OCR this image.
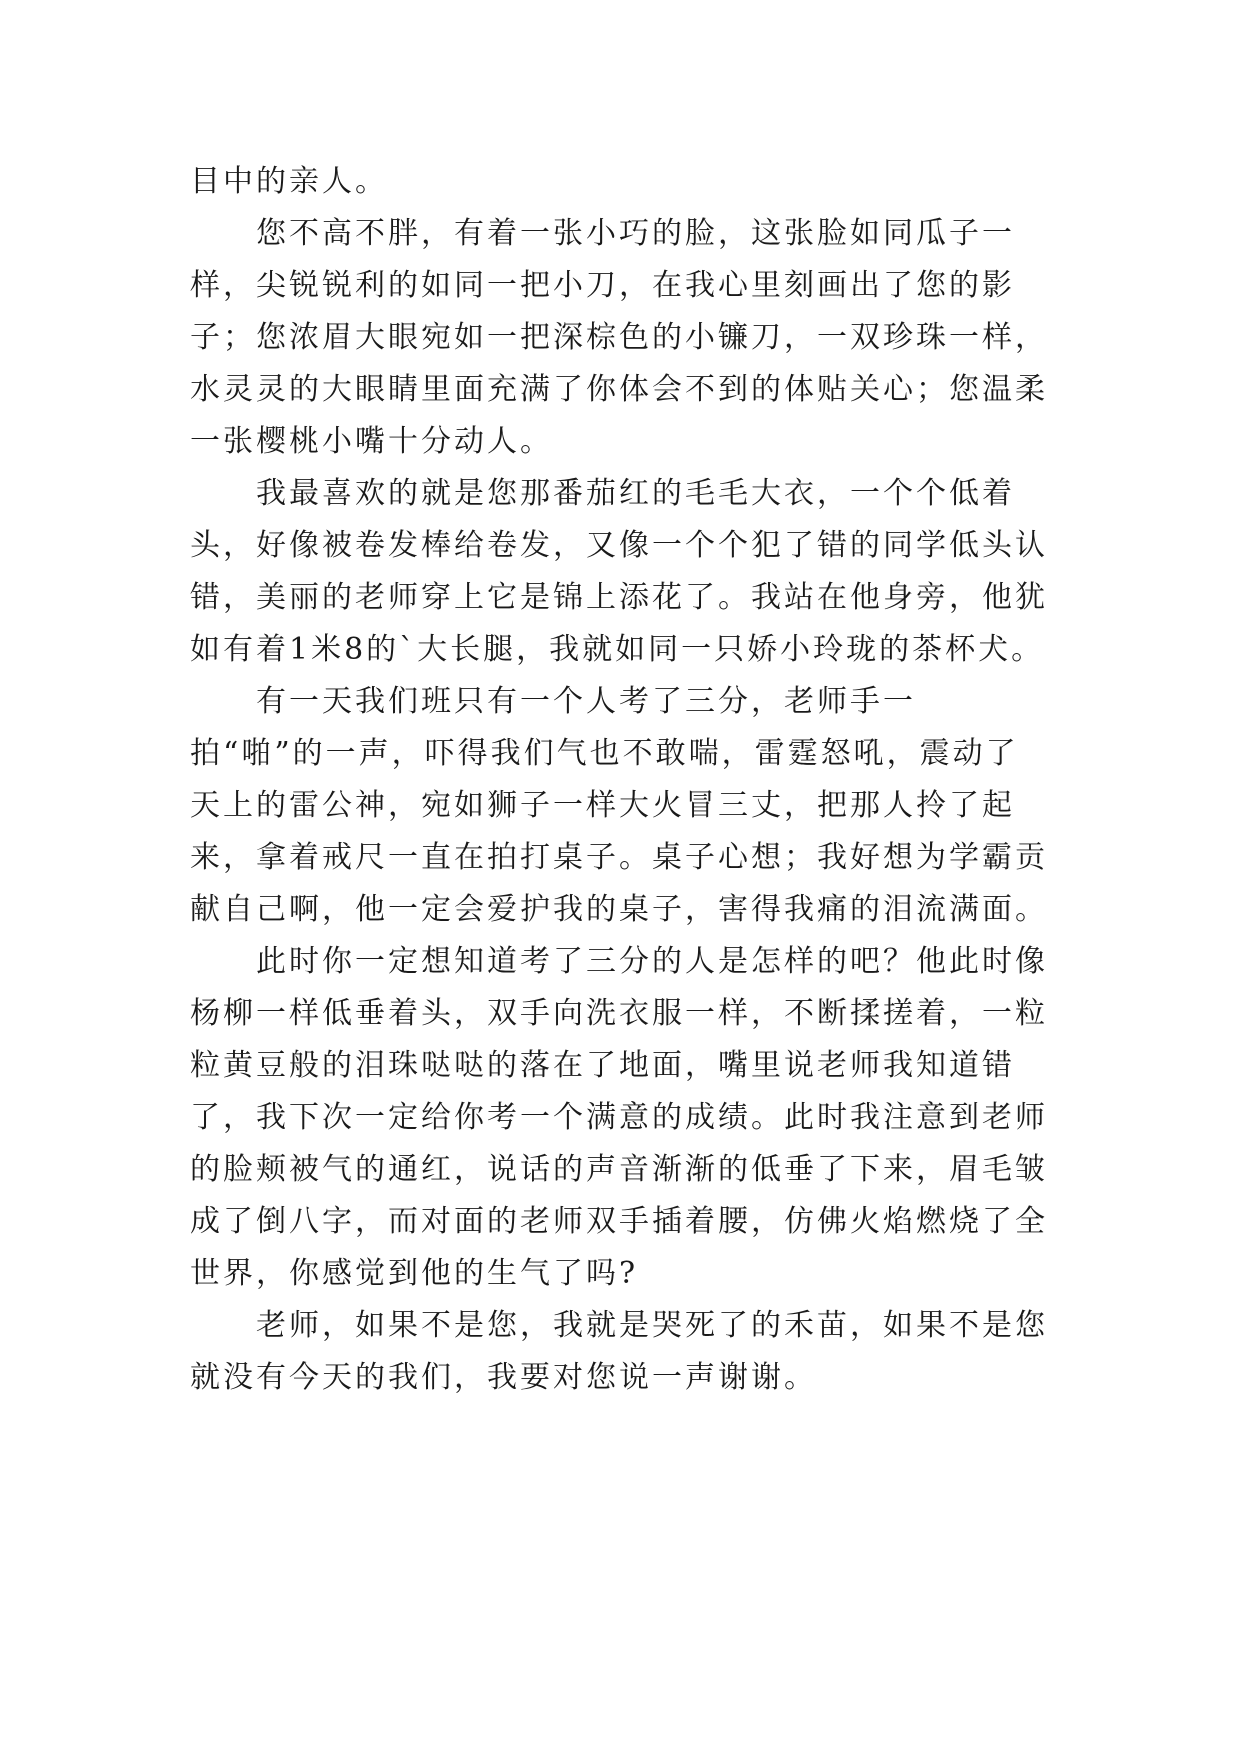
目中的亲人。

您不高不胖，有着一张小巧的脸，这张脸如同瓜子一样，尖锐锐利的如同一把小刀，在我心里刻画出了您的影子；您浓眉大眼宛如一把深棕色的小镰刀，一双珍珠一样，水灵灵的大眼睛里面充满了你体会不到的体贴关心；您温柔一张樱桃小嘴十分动人。

我最喜欢的就是您那番茄红的毛毛大衣，一个个低着头，好像被卷发棒给卷发，又像一个个犯了错的同学低头认错，美丽的老师穿上它是锦上添花了。我站在他身旁，他犹如有着1米8的`大长腿，我就如同一只娇小玲珑的茶杯犬。

有一天我们班只有一个人考了三分，老师手一拍“啪”的一声，吓得我们气也不敢喘，雷霆怒吼，震动了天上的雷公神，宛如狮子一样大火冒三丈，把那人拎了起来，拿着戒尺一直在拍打桌子。桌子心想；我好想为学霸贡献自己啊，他一定会爱护我的桌子，害得我痛的泪流满面。

此时你一定想知道考了三分的人是怎样的吧？他此时像杨柳一样低垂着头，双手向洗衣服一样，不断揉搓着，一粒粒黄豆般的泪珠哒哒的落在了地面，嘴里说老师我知道错了，我下次一定给你考一个满意的成绩。此时我注意到老师的脸颊被气的通红，说话的声音渐渐的低垂了下来，眉毛皱成了倒八字，而对面的老师双手插着腰，仿佛火焰燃烧了全世界，你感觉到他的生气了吗?

老师，如果不是您，我就是哭死了的禾苗，如果不是您就没有今天的我们，我要对您说一声谢谢。
